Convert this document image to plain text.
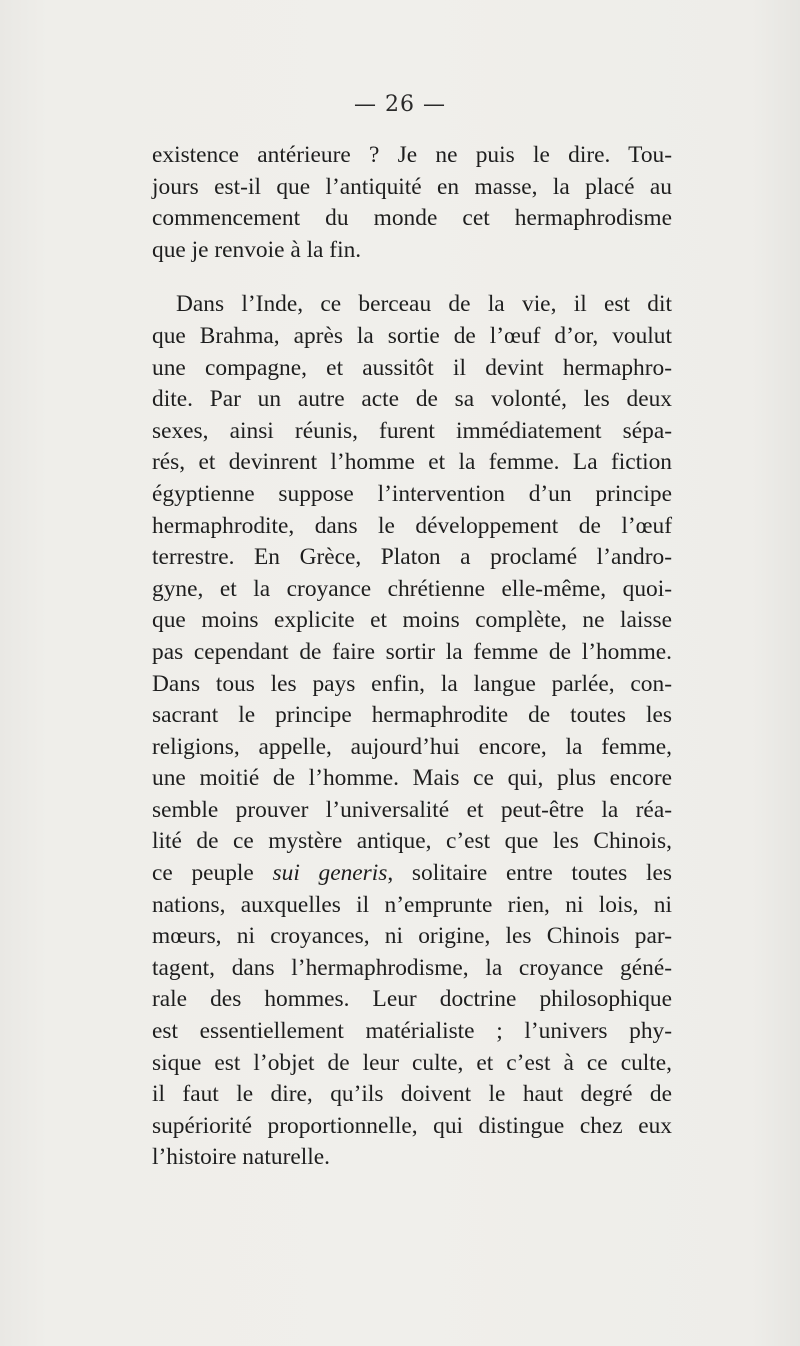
— 26 —
existence antérieure ? Je ne puis le dire. Tou-
jours est-il que l’antiquité en masse, la placé au
commencement du monde cet hermaphrodisme
que je renvoie à la fin.
Dans l’Inde, ce berceau de la vie, il est dit
que Brahma, après la sortie de l’œuf d’or, voulut
une compagne, et aussitôt il devint hermaphro-
dite. Par un autre acte de sa volonté, les deux
sexes, ainsi réunis, furent immédiatement sépa-
rés, et devinrent l’homme et la femme. La fiction
égyptienne suppose l’intervention d’un principe
hermaphrodite, dans le développement de l’œuf
terrestre. En Grèce, Platon a proclamé l’andro-
gyne, et la croyance chrétienne elle-même, quoi-
que moins explicite et moins complète, ne laisse
pas cependant de faire sortir la femme de l’homme.
Dans tous les pays enfin, la langue parlée, con-
sacrant le principe hermaphrodite de toutes les
religions, appelle, aujourd’hui encore, la femme,
une moitié de l’homme. Mais ce qui, plus encore
semble prouver l’universalité et peut-être la réa-
lité de ce mystère antique, c’est que les Chinois,
ce peuple sui generis, solitaire entre toutes les
nations, auxquelles il n’emprunte rien, ni lois, ni
mœurs, ni croyances, ni origine, les Chinois par-
tagent, dans l’hermaphrodisme, la croyance géné-
rale des hommes. Leur doctrine philosophique
est essentiellement matérialiste ; l’univers phy-
sique est l’objet de leur culte, et c’est à ce culte,
il faut le dire, qu’ils doivent le haut degré de
supériorité proportionnelle, qui distingue chez eux
l’histoire naturelle.
